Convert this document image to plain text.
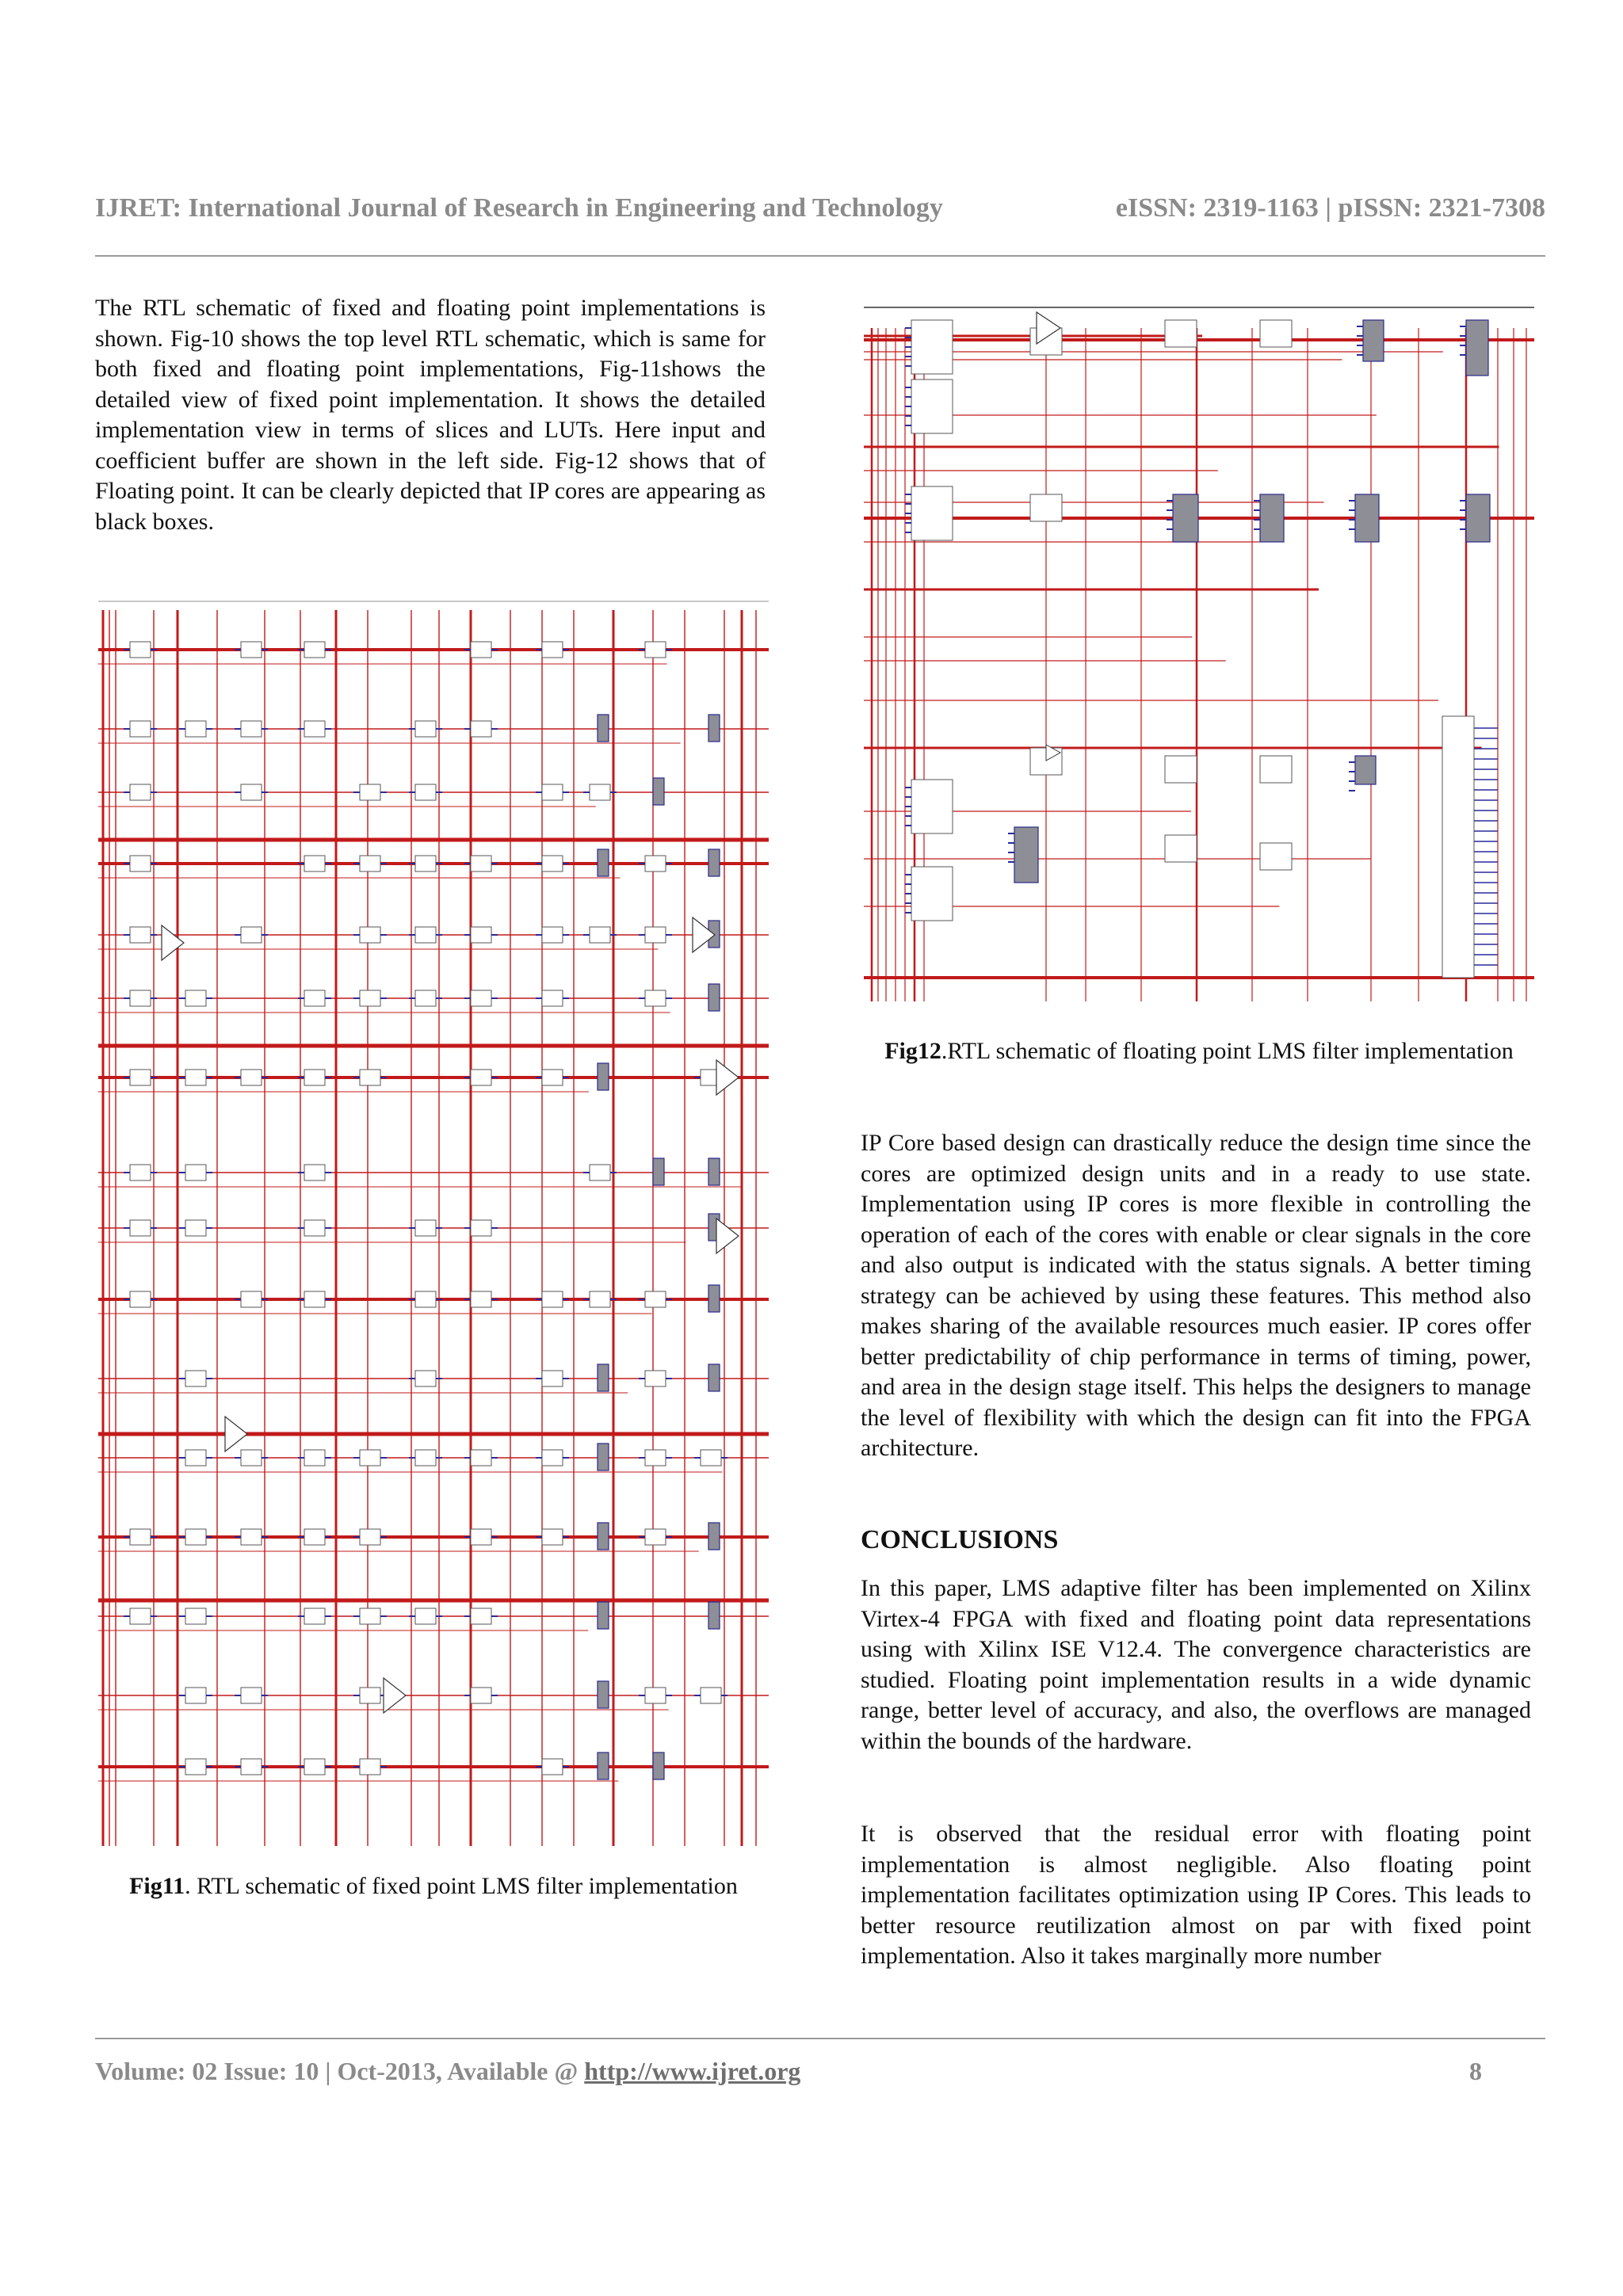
IJRET: International Journal of Research in Engineering and Technology	eISSN: 2319-1163 | pISSN: 2321-7308

The RTL schematic of fixed and floating point implementations is shown. Fig-10 shows the top level RTL schematic, which is same for both fixed and floating point implementations, Fig-11shows the detailed view of fixed point implementation. It shows the detailed implementation view in terms of slices and LUTs. Here input and coefficient buffer are shown in the left side. Fig-12 shows that of Floating point. It can be clearly depicted that IP cores are appearing as black boxes.

Fig11. RTL schematic of fixed point LMS filter implementation
Fig12.RTL schematic of floating point LMS filter implementation

IP Core based design can drastically reduce the design time since the cores are optimized design units and in a ready to use state. Implementation using IP cores is more flexible in controlling the operation of each of the cores with enable or clear signals in the core and also output is indicated with the status signals. A better timing strategy can be achieved by using these features. This method also makes sharing of the available resources much easier. IP cores offer better predictability of chip performance in terms of timing, power, and area in the design stage itself. This helps the designers to manage the level of flexibility with which the design can fit into the FPGA architecture.

CONCLUSIONS

In this paper, LMS adaptive filter has been implemented on Xilinx Virtex-4 FPGA with fixed and floating point data representations using with Xilinx ISE V12.4. The convergence characteristics are studied. Floating point implementation results in a wide dynamic range, better level of accuracy, and also, the overflows are managed within the bounds of the hardware.

It is observed that the residual error with floating point implementation is almost negligible. Also floating point implementation facilitates optimization using IP Cores. This leads to better resource reutilization almost on par with fixed point implementation. Also it takes marginally more number

Volume: 02 Issue: 10 | Oct-2013, Available @ http://www.ijret.org	8
